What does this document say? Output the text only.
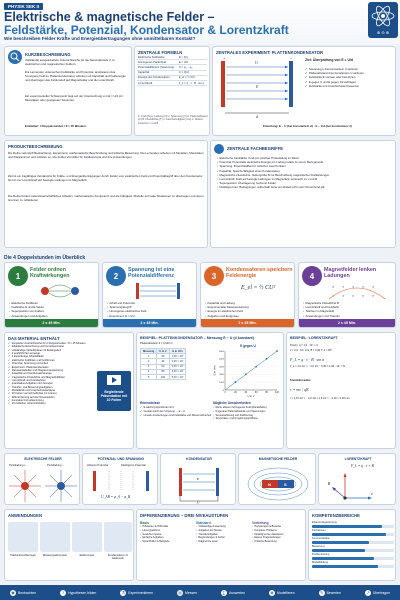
PHYSIK SEK II
Elektrische & magnetische Felder –
Feldstärke, Potenzial, Kondensator & Lorentzkraft
Wie beschreiben Felder Kräfte und Energieübertragungen ohne unmittelbaren Kontakt?
⊕ ⊖ ⊕
KURZBESCHREIBUNG
Vollständig ausgearbeitete Unterrichtsreihe für die Sekundarstufe II zu elektrischen und magnetischen Feldern.
Die Lernenden untersuchen Feldstärke und Potenzial, analysieren das homogene Feld im Plattenkondensator, arbeiten mit Kapazität und Feldenergie und übertragen das Feldmodell auf Magnetfelder und die Lorentzkraft.
Ein experimenteller Schwerpunkt liegt auf der Untersuchung von E = U/d mit Messdaten oder geeigneten Sensoren.
Enthalten: 4 Doppelstunden / 8 × 45 Minuten.
ZENTRALE FORMELN
Elektrische Feldstärke	E = F/q
Homogenes Plattenfeld	E = U/d
Potenzialdifferenz (Spannung)	U = φ₁ − φ₂
Kapazität	C = Q/U
Energie des Kondensators	E_el = ½ CU²
Lorentzkraft	F_L = q · v · B · sin α
F: Kraft [N] q: Ladung [C] U: Spannung [V] d: Plattenabstand [m] B: Flussdichte [T] v: Geschwindigkeit [m/s] α: Winkel zwischen v und B
ZENTRALES EXPERIMENT: PLATTENKONDENSATOR
+	−
U
d
E
Ziel: Überprüfung von E = U/d
✔ Spannung U bei konstantem d variieren
✔ Plattenabstand d bei konstantem U variieren
✔ Feldstärke E messen oder berechnen
✔ E gegen U und E gegen 1/d auftragen
✔ Feldstärke und Unsicherheiten bewerten
Erwartung: E ~ U (bei konstantem d) · E ~ 1/d (bei konstantem U)
PRODUKTBESCHREIBUNG
Die Reihe verknüpft Beobachtung, Experiment, mathematische Beschreibung und kritische Bewertung. Die Lernenden arbeiten mit Modellen, Messdaten und Diagrammen und erklären so, wie Felder Vermittler für Feldkonzepte und ihre Anwendungen.
Ziel ist ein tragfähiges Verständnis für Kräfte- und Energieübertragungen durch Felder vom elektrischen Feld und Potenzialbegriff über den Kondensator bis hin zur Lorentzkraft auf bewegte Ladungen im Magnetfeld.
Die Reihe fördert naturwissenschaftliches Arbeiten, mathematische Kompetenz und die Fähigkeit, Modelle auf reale Situationen zu übertragen und deren Grenzen zu reflektieren.
ZENTRALE FACHBEGRIFFE
• Elektrische Feldstärke: Kraft pro positiver Probeladung im Raum.
• Potenzial: Potenzielle elektrische Energie pro Ladung relativ zu einem Bezugspunkt.
• Spannung: Potenzialdifferenz zwischen zwei Punkten.
• Kapazität: Speicherfähigkeit eines Kondensators.
• Magnetische Flussdichte: Vektorgröße B zur Beschreibung magnetischer Kraftwirkungen.
• Lorentzkraft: Kraft auf bewegte Ladungen im Magnetfeld, senkrecht zu v und B.
• Superposition: Überlagerung mehrerer Felder.
• Modellgrenzen: Bedingungen, außerhalb derer ein Modell nicht mehr hinreichend gilt.
Die 4 Doppelstunden im Überblick
1
Felder ordnen Kraftwirkungen
• Elektrische Feldlinien
• Feldstärke E und E-Vektor
• Superposition von Feldern
• Anwendungen und Aufgaben
2 x 45 Min.
2
Spannung ist eine Potenzialdifferenz
• Arbeit und Potenzial
• Spannungsbegriff
• Homogenes elektrisches Feld
• Experiment: E = U/d
2 x 45 Min.
3
Kondensatoren speichern Feldenergie
E_el = ½ CU²
• Kapazität und Ladung
• Experimentelle Datenauswertung
• Energie im elektrischen Feld
• Aufgaben und Ereignisse
2 x 45 Min.
4
Magnetfelder lenken Ladungen
× × × × ×
× × × × ×
• Magnetische Flussdichte B
• Lorentzkraft und Kreisbahn
• Teilchen im Magnetfeld
• Anwendungen und Transfer
2 x 45 Min.
DAS MATERIAL ENTHÄLT
✔ komplette Unterrichtsreihe für 4 Doppelstunden / 8 × 45 Minuten
✔ didaktische Einordnung und Kompetenzraster
✔ vollständige Verlaufspläne mit Zeitangaben
✔ 3 ausführliche Lernwege
✔ 4 kopierfertige Arbeitsblätter
✔ elektrische Feldlinien und Feldformen
✔ Potenzial, Spannung und Arbeit
✔ Experiment: Plattenkondensator
✔ Messwerttabellen und Diagrammauswertung
✔ Kapazität und Kondensatorenergie
✔ magnetische Flussdichte und Magnetfeldlinien
✔ Lorentzkraft und Kreisbahnen
✔ quantitative Aufgaben mit Lösungen
✔ Transfer- und Bewertungsaufgaben
✔ Modellkritik und Unsicherheitsanalyse
✔ 20 Karten Lernschnellmittel mit Lösung
✔ Differenzierung auf drei Niveaustufen
✔ kompakte Formelsammlung
✔ 10 zeitlichen Unterrichtsfolien
Begleitende Präsentation mit 10 Folien
BEISPIEL: PLATTENKONDENSATOR – Messung E ~ U (d konstant)
Plattenabstand: d = 0,020 m
Messung	U in V	E in V/m
1	20	1,00 × 10³
2	40	2,00 × 10³
3	60	3,00 × 10³
4	80	4,00 × 10³
5	100	5,00 × 10³
E gegen U
0	20	40	60	80	100
0
1000
2000
3000
4000
5000
U in V
E in V/m
Erkenntnisse
✔ E wächst proportional mit U
✔ Gerade durch den Ursprung → E ~ U
✔ Lineare Auswertungen sind Feldstärke und Messunsicherheit
Mögliche Unsicherheiten
• Werte ablesen homogenes Feld (Randeffekte)
• Ungenaue Plattenabstände und Spannungen
• Sensorauflösung und Kalibrierung
• Temperatur- und Umgebungseinflüsse
BEISPIEL: LORENTZKRAFT
Proton: q = 1,6 · 10⁻¹⁹ C
v = 2,0 · 10⁶ m/s, B = 0,30 T, α = 90°
F_L = q · v · B · sin α
F_L = 1,6·10⁻¹⁹ · 2,0·10⁶ · 0,30 = 1,96 · 10⁻¹³ N
Kreisbahnradius:
r = mv / qB
r = 1,67·10⁻²⁷ · 2,0·10⁶ / 1,6·10⁻¹⁹ · 0,30 ≈ 4,18 mm
ELEKTRISCHE FELDER
Punktladung +	Punktladung −
POTENZIAL UND SPANNUNG
Höheres Potenzial	Niedrigeres Potenzial
U_AB = φ_A − φ_B
KONDENSATOR
U
E
MAGNETISCHE FELDER
N	S
LORENTZKRAFT
F_L = q · v × B
v
B
ANWENDUNGEN
Teilchenbeschleuniger	Massenspektrometer	Elektromotor	Kondensatoren in Elektronik
DIFFERENZIERUNG – DREI NIVEAUSTUFEN
Basis
• Hilfekarten & Hilfsmittel
• Lösungsskizzen
• Gestufte Impulse
• Einfache Aufgaben
• Sprachhilfen & Beispiele
Standard
• Vollständige Auswertung
• Aufgaben auf Niveau
• Transferaufgaben
• Begründungen & Fehler
• Diagramme lesen
Vertiefung
• Herleitungen & Beweise
• Komplexe Probleme
• Modellgrenzen diskutieren
• Eigene Fragestellungen
• Kritische Bewertung
KOMPETENZBEREICHE
Erkenntnisgewinnung
Fachwissen
Kommunikation
Bewertung
Problemlösung
Modellbildung
◉ Beobachten	?	Hypothesen bilden	⚗ Experimentieren	▤ Messen	∑	Auswerten	◈	Modellieren	✎ Bewerten	↗ Übertragen
